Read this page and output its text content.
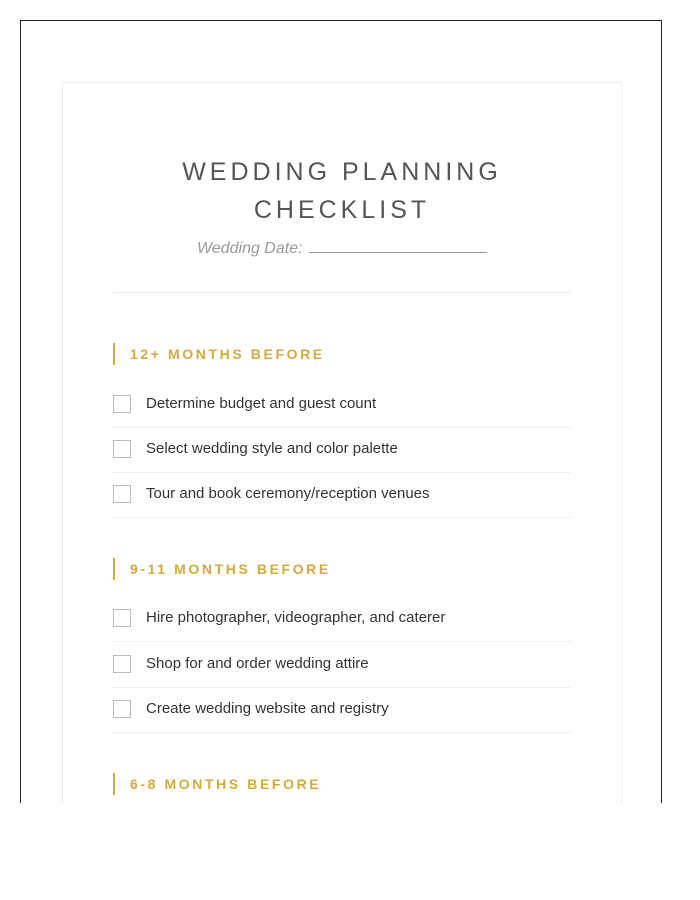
WEDDING PLANNING
CHECKLIST
Wedding Date:
12+ MONTHS BEFORE
Determine budget and guest count
Select wedding style and color palette
Tour and book ceremony/reception venues
9-11 MONTHS BEFORE
Hire photographer, videographer, and caterer
Shop for and order wedding attire
Create wedding website and registry
6-8 MONTHS BEFORE
